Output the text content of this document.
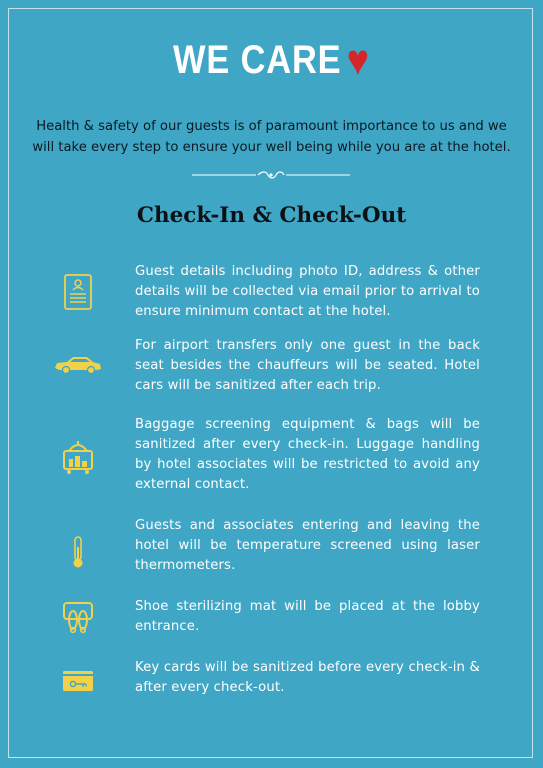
WE CARE ♥
Health & safety of our guests is of paramount importance to us and we will take every step to ensure your well being while you are at the hotel.
Check-In & Check-Out
Guest details including photo ID, address & other details will be collected via email prior to arrival to ensure minimum contact at the hotel.
For airport transfers only one guest in the back seat besides the chauffeurs will be seated. Hotel cars will be sanitized after each trip.
Baggage screening equipment & bags will be sanitized after every check-in. Luggage handling by hotel associates will be restricted to avoid any external contact.
Guests and associates entering and leaving the hotel will be temperature screened using laser thermometers.
Shoe sterilizing mat will be placed at the lobby entrance.
Key cards will be sanitized before every check-in & after every check-out.
